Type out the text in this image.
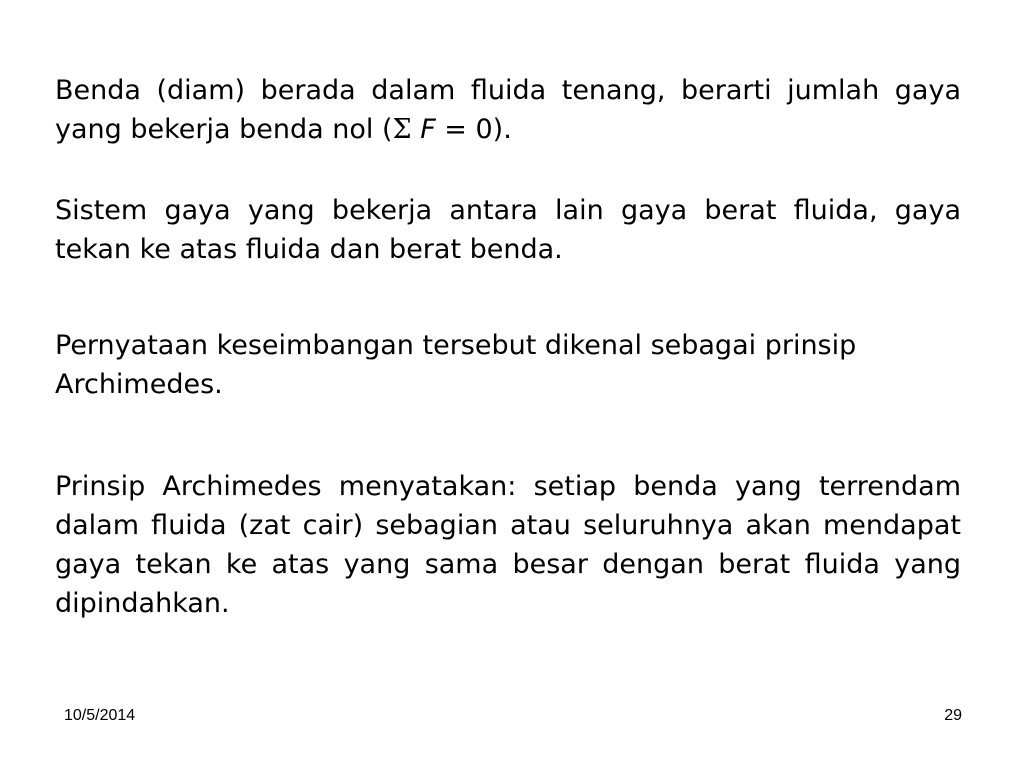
Benda (diam) berada dalam fluida tenang, berarti jumlah gaya yang bekerja benda nol (Σ F = 0).

Sistem gaya yang bekerja antara lain gaya berat fluida, gaya tekan ke atas fluida dan berat benda.

Pernyataan keseimbangan tersebut dikenal sebagai prinsip Archimedes.

Prinsip Archimedes menyatakan: setiap benda yang terrendam dalam fluida (zat cair) sebagian atau seluruhnya akan mendapat gaya tekan ke atas yang sama besar dengan berat fluida yang dipindahkan.

10/5/2014	29
